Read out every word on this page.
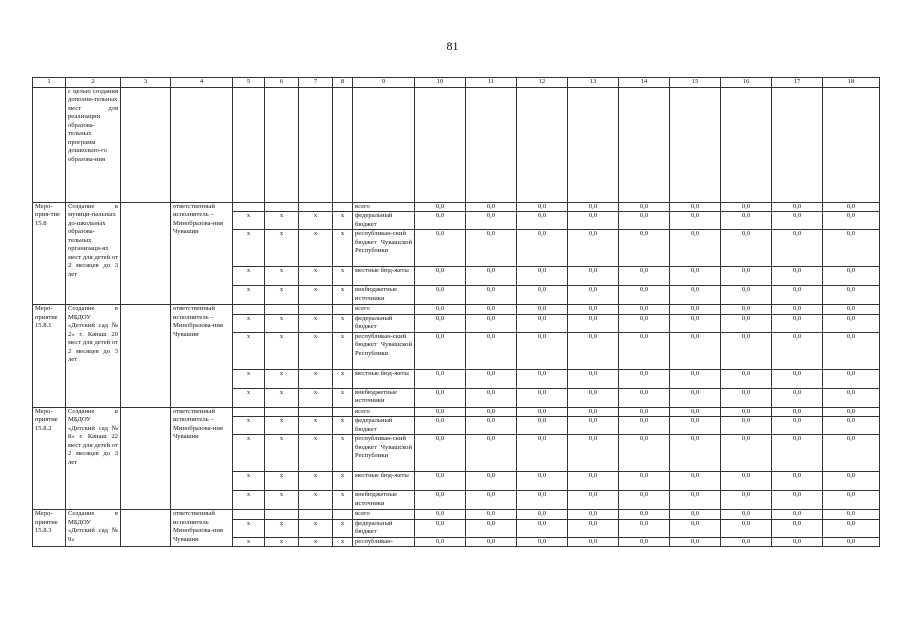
81
1	2	3	4	5	6	7	8	9	10	11	12	13	14	15	16	17	18
	с целью создания дополни-тельных мест для реализации образова-тельных программ дошкольно-го образова-ния																
Меро-прия-тие 15.8	Создание в муници-пальных до-школьных образова-тельных организаци-ях мест для детей от 2 месяцев до 3 лет		ответственный исполнитель – Минобразова-ния Чувашии					всего	0,0	0,0	0,0	0,0	0,0	0,0	0,0	0,0	0,0
				x	x	x	x	федеральный бюджет	0,0	0,0	0,0	0,0	0,0	0,0	0,0	0,0	0,0
				x	x	x	x	республикан-ский бюджет Чувашской Республики	0,0	0,0	0,0	0,0	0,0	0,0	0,0	0,0	0,0
				x	x	x	x	местные бюд-жеты	0,0	0,0	0,0	0,0	0,0	0,0	0,0	0,0	0,0
				x	x	x	x	внебюджетные источники	0,0	0,0	0,0	0,0	0,0	0,0	0,0	0,0	0,0
Меро-приятие 15.8.1	Создание в МБДОУ «Детский сад № 2» г. Канаш 20 мест для детей от 2 месяцев до 3 лет		ответственный исполнитель – Минобразова-ния Чувашии					всего	0,0	0,0	0,0	0,0	0,0	0,0	0,0	0,0	0,0
				x	x	x	x	федеральный бюджет	0,0	0,0	0,0	0,0	0,0	0,0	0,0	0,0	0,0
				x	x	x	x	республикан-ский бюджет Чувашской Республики	0,0	0,0	0,0	0,0	0,0	0,0	0,0	0,0	0,0
				x	x	x	x	местные бюд-жеты	0,0	0,0	0,0	0,0	0,0	0,0	0,0	0,0	0,0
				x	x	x	x	внебюджетные источники	0,0	0,0	0,0	0,0	0,0	0,0	0,0	0,0	0,0
Меро-приятие 15.8.2	Создание в МБДОУ «Детский сад № 8» г. Канаш 22 мест для детей от 2 месяцев до 3 лет		ответственный исполнитель – Минобразова-ния Чувашии					всего	0,0	0,0	0,0	0,0	0,0	0,0	0,0	0,0	0,0
				x	x	x	x	федеральный бюджет	0,0	0,0	0,0	0,0	0,0	0,0	0,0	0,0	0,0
				x	x	x	x	республикан-ский бюджет Чувашской Республики	0,0	0,0	0,0	0,0	0,0	0,0	0,0	0,0	0,0
				x	x	x	x	местные бюд-жеты	0,0	0,0	0,0	0,0	0,0	0,0	0,0	0,0	0,0
				x	x	x	x	внебюджетные источники	0,0	0,0	0,0	0,0	0,0	0,0	0,0	0,0	0,0
Меро-приятие 15.8.3	Создание в МБДОУ «Детский сад № 9»		ответственный исполнитель Минобразова-ния Чувашии					всего	0,0	0,0	0,0	0,0	0,0	0,0	0,0	0,0	0,0
				x	x	x	x	федеральный бюджет	0,0	0,0	0,0	0,0	0,0	0,0	0,0	0,0	0,0
				x	x	x	x	республикан-	0,0	0,0	0,0	0,0	0,0	0,0	0,0	0,0	0,0
